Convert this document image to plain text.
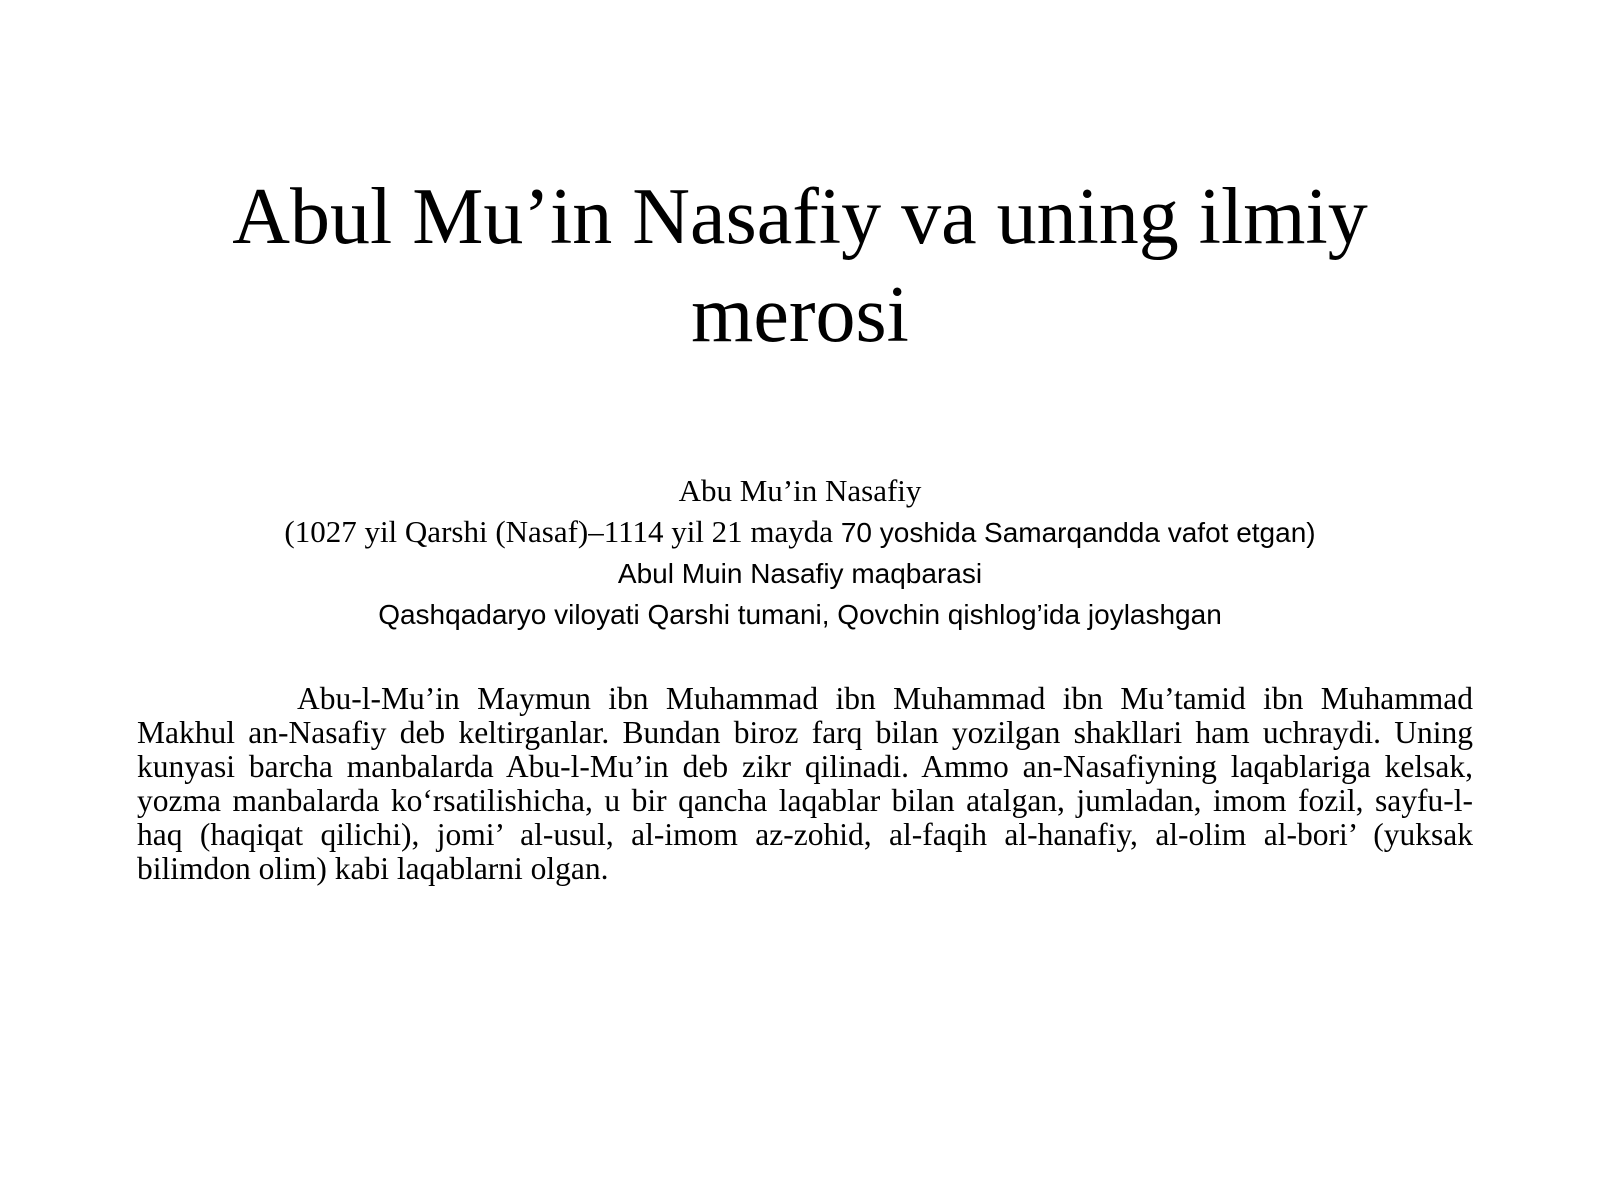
Abul Mu’in Nasafiy va uning ilmiy
merosi
Abu Mu’in Nasafiy
(1027 yil Qarshi (Nasaf)–1114 yil 21 mayda 70 yoshida Samarqandda vafot etgan)
Abul Muin Nasafiy maqbarasi
Qashqadaryo viloyati Qarshi tumani, Qovchin qishlog’ida joylashgan

Abu-l-Mu’in Maymun ibn Muhammad ibn Muhammad ibn Mu’tamid ibn Muhammad Makhul an-Nasafiy deb keltirganlar. Bundan biroz farq bilan yozilgan shakllari ham uchraydi. Uning kunyasi barcha manbalarda Abu-l-Mu’in deb zikr qilinadi. Ammo an-Nasafiyning laqablariga kelsak, yozma manbalarda ko‘rsatilishicha, u bir qancha laqablar bilan atalgan, jumladan, imom fozil, sayfu-l-haq (haqiqat qilichi), jomi’ al-usul, al-imom az-zohid, al-faqih al-hanafiy, al-olim al-bori’ (yuksak bilimdon olim) kabi laqablarni olgan.
